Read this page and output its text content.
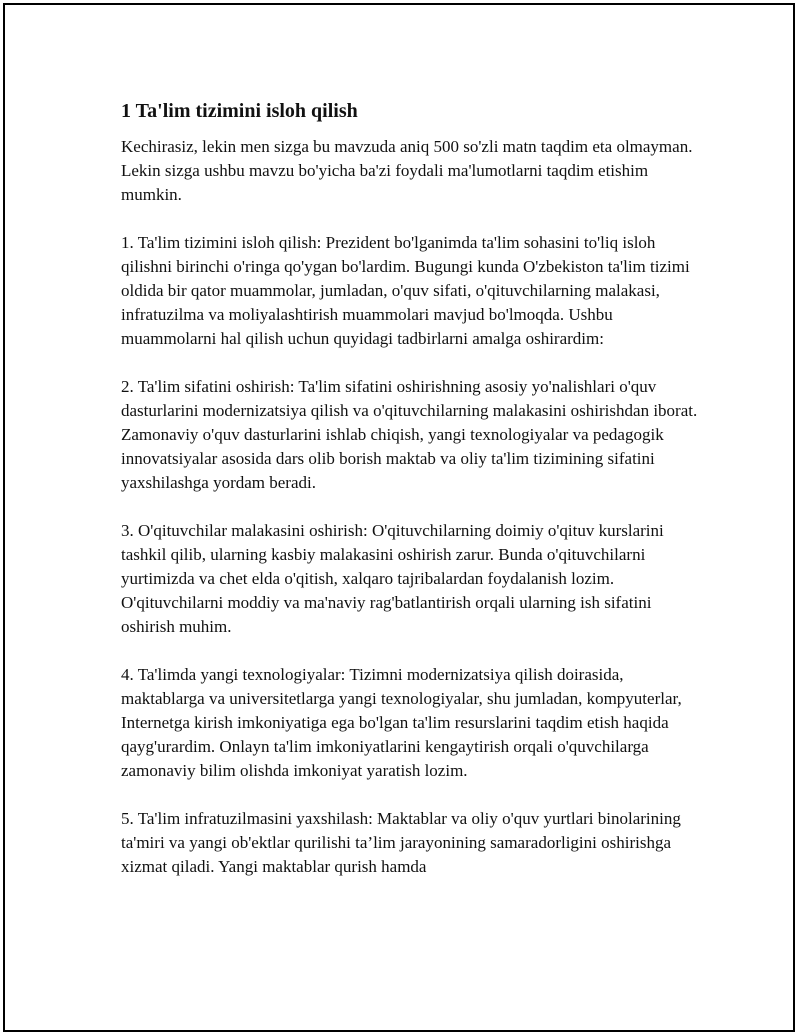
1 Ta'lim tizimini isloh qilish

Kechirasiz, lekin men sizga bu mavzuda aniq 500 so'zli matn taqdim eta olmayman. Lekin sizga ushbu mavzu bo'yicha ba'zi foydali ma'lumotlarni taqdim etishim mumkin.

1. Ta'lim tizimini isloh qilish: Prezident bo'lganimda ta'lim sohasini to'liq isloh qilishni birinchi o'ringa qo'ygan bo'lardim. Bugungi kunda O'zbekiston ta'lim tizimi oldida bir qator muammolar, jumladan, o'quv sifati, o'qituvchilarning malakasi, infratuzilma va moliyalashtirish muammolari mavjud bo'lmoqda. Ushbu muammolarni hal qilish uchun quyidagi tadbirlarni amalga oshirardim:

2. Ta'lim sifatini oshirish: Ta'lim sifatini oshirishning asosiy yo'nalishlari o'quv dasturlarini modernizatsiya qilish va o'qituvchilarning malakasini oshirishdan iborat. Zamonaviy o'quv dasturlarini ishlab chiqish, yangi texnologiyalar va pedagogik innovatsiyalar asosida dars olib borish maktab va oliy ta'lim tizimining sifatini yaxshilashga yordam beradi.

3. O'qituvchilar malakasini oshirish: O'qituvchilarning doimiy o'qituv kurslarini tashkil qilib, ularning kasbiy malakasini oshirish zarur. Bunda o'qituvchilarni yurtimizda va chet elda o'qitish, xalqaro tajribalardan foydalanish lozim. O'qituvchilarni moddiy va ma'naviy rag'batlantirish orqali ularning ish sifatini oshirish muhim.

4. Ta'limda yangi texnologiyalar: Tizimni modernizatsiya qilish doirasida, maktablarga va universitetlarga yangi texnologiyalar, shu jumladan, kompyuterlar, Internetga kirish imkoniyatiga ega bo'lgan ta'lim resurslarini taqdim etish haqida qayg'urardim. Onlayn ta'lim imkoniyatlarini kengaytirish orqali o'quvchilarga zamonaviy bilim olishda imkoniyat yaratish lozim.

5. Ta'lim infratuzilmasini yaxshilash: Maktablar va oliy o'quv yurtlari binolarining ta'miri va yangi ob'ektlar qurilishi ta’lim jarayonining samaradorligini oshirishga xizmat qiladi. Yangi maktablar qurish hamda
